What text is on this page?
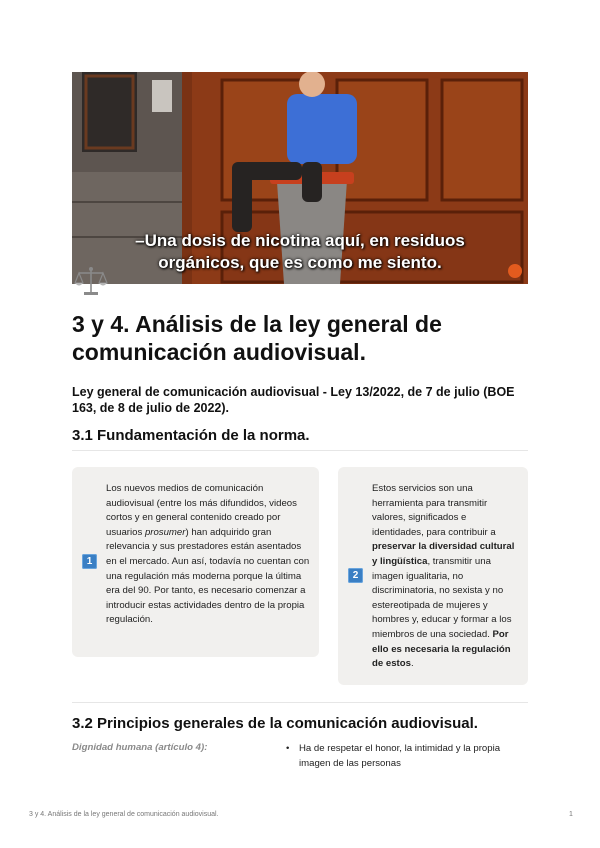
–Una dosis de nicotina aquí, en residuos
orgánicos, que es como me siento.
3 y 4. Análisis de la ley general de comunicación audiovisual.

Ley general de comunicación audiovisual - Ley 13/2022, de 7 de julio (BOE 163, de 8 de julio de 2022).

3.1 Fundamentación de la norma.
1
Los nuevos medios de comunicación audiovisual (entre los más difundidos, videos cortos y en general contenido creado por usuarios prosumer) han adquirido gran relevancia y sus prestadores están asentados en el mercado. Aun así, todavía no cuentan con una regulación más moderna porque la última era del 90. Por tanto, es necesario comenzar a introducir estas actividades dentro de la propia regulación.
2
Estos servicios son una herramienta para transmitir valores, significados e identidades, para contribuir a preservar la diversidad cultural y lingüística, transmitir una imagen igualitaria, no discriminatoria, no sexista y no estereotipada de mujeres y hombres y, educar y formar a los miembros de una sociedad. Por ello es necesaria la regulación de estos.
3.2 Principios generales de la comunicación audiovisual.
Dignidad humana (artículo 4):	• Ha de respetar el honor, la intimidad y la propia imagen de las personas
3 y 4. Análisis de la ley general de comunicación audiovisual.	1
